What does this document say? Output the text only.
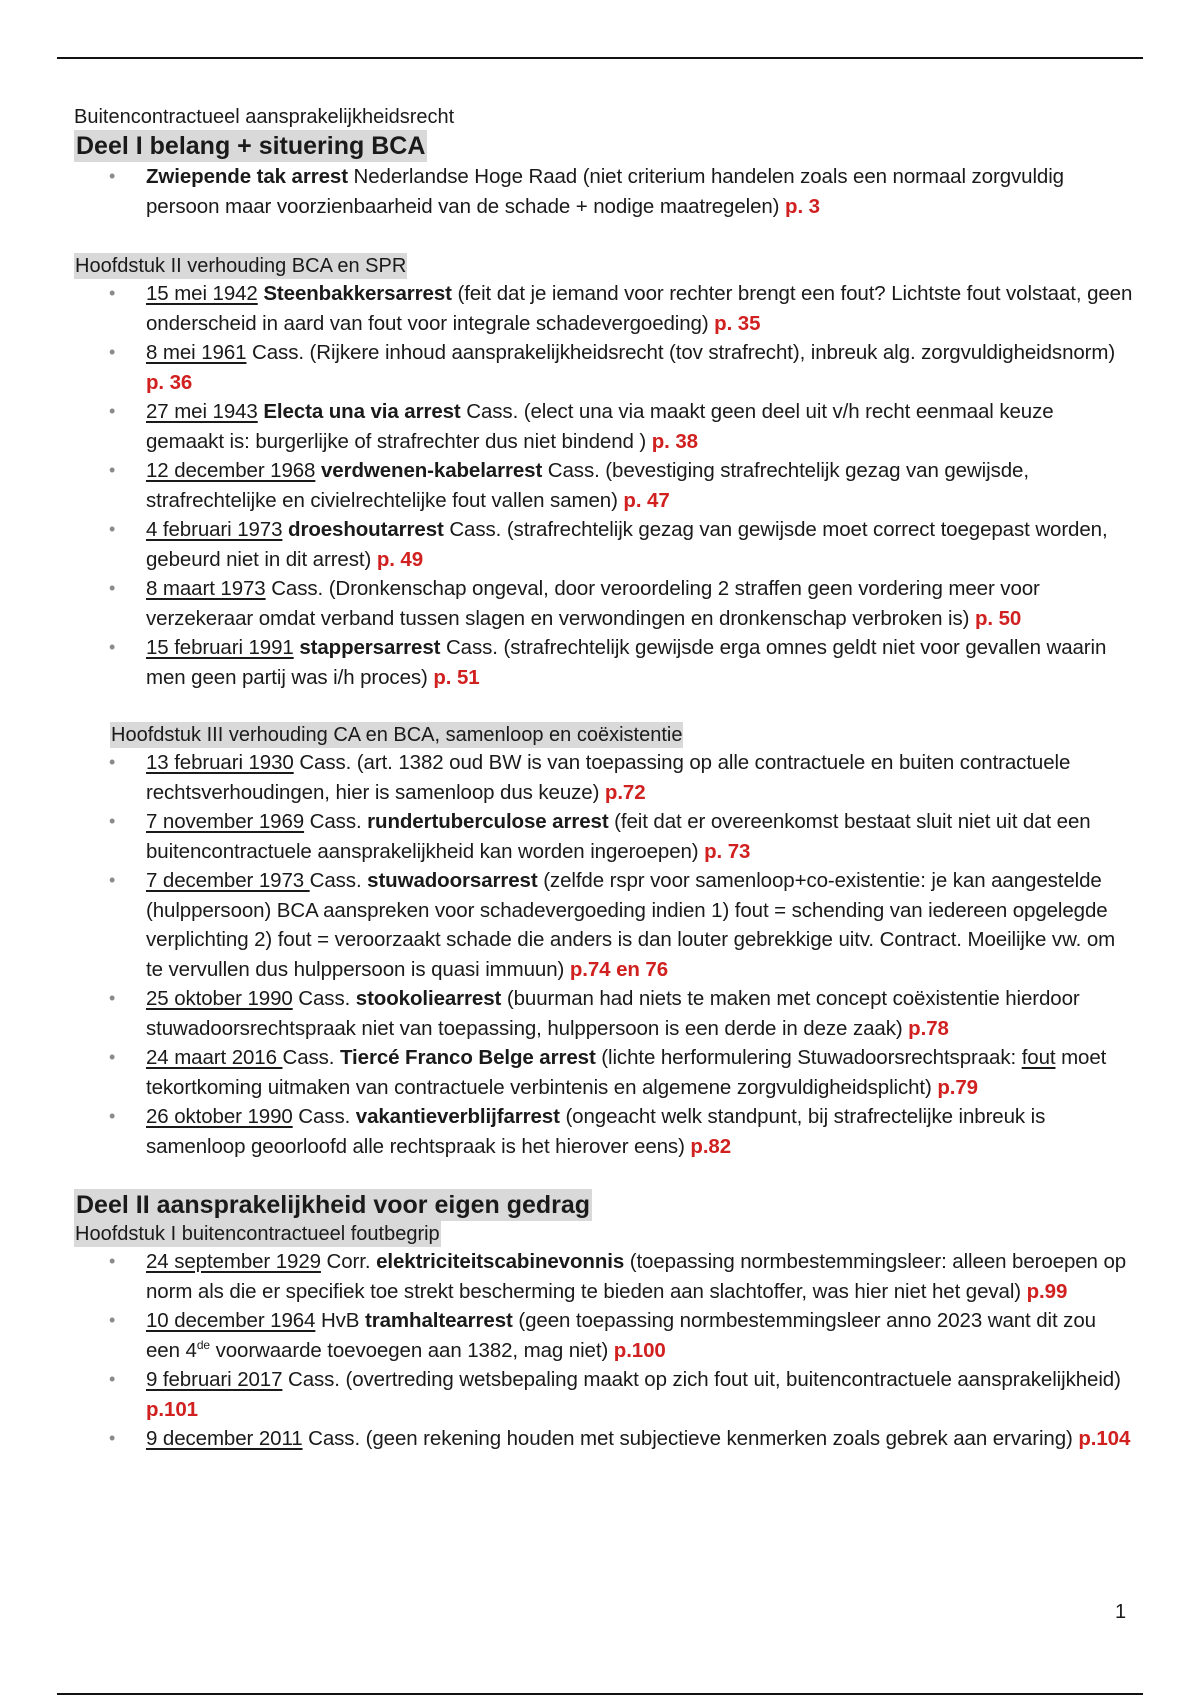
Buitencontractueel aansprakelijkheidsrecht

Deel I belang + situering BCA
• Zwiepende tak arrest Nederlandse Hoge Raad (niet criterium handelen zoals een normaal zorgvuldig persoon maar voorzienbaarheid van de schade + nodige maatregelen) p. 3

Hoofdstuk II verhouding BCA en SPR

• 15 mei 1942 Steenbakkersarrest (feit dat je iemand voor rechter brengt een fout? Lichtste fout volstaat, geen onderscheid in aard van fout voor integrale schadevergoeding) p. 35
• 8 mei 1961 Cass. (Rijkere inhoud aansprakelijkheidsrecht (tov strafrecht), inbreuk alg. zorgvuldigheidsnorm) p. 36
• 27 mei 1943 Electa una via arrest Cass. (elect una via maakt geen deel uit v/h recht eenmaal keuze gemaakt is: burgerlijke of strafrechter dus niet bindend ) p. 38
• 12 december 1968 verdwenen-kabelarrest Cass. (bevestiging strafrechtelijk gezag van gewijsde, strafrechtelijke en civielrechtelijke fout vallen samen) p. 47
• 4 februari 1973 droeshoutarrest Cass. (strafrechtelijk gezag van gewijsde moet correct toegepast worden, gebeurd niet in dit arrest) p. 49
• 8 maart 1973 Cass. (Dronkenschap ongeval, door veroordeling 2 straffen geen vordering meer voor verzekeraar omdat verband tussen slagen en verwondingen en dronkenschap verbroken is) p. 50
• 15 februari 1991 stappersarrest Cass. (strafrechtelijk gewijsde erga omnes geldt niet voor gevallen waarin men geen partij was i/h proces) p. 51

Hoofdstuk III verhouding CA en BCA, samenloop en coëxistentie

• 13 februari 1930 Cass. (art. 1382 oud BW is van toepassing op alle contractuele en buiten contractuele rechtsverhoudingen, hier is samenloop dus keuze) p.72
• 7 november 1969 Cass. rundertuberculose arrest (feit dat er overeenkomst bestaat sluit niet uit dat een buitencontractuele aansprakelijkheid kan worden ingeroepen) p. 73
• 7 december 1973 Cass. stuwadoorsarrest (zelfde rspr voor samenloop+co-existentie: je kan aangestelde (hulppersoon) BCA aanspreken voor schadevergoeding indien 1) fout = schending van iedereen opgelegde verplichting 2) fout = veroorzaakt schade die anders is dan louter gebrekkige uitv. Contract. Moeilijke vw. om te vervullen dus hulppersoon is quasi immuun) p.74 en 76
• 25 oktober 1990 Cass. stookoliearrest (buurman had niets te maken met concept coëxistentie hierdoor stuwadoorsrechtspraak niet van toepassing, hulppersoon is een derde in deze zaak) p.78
• 24 maart 2016 Cass. Tiercé Franco Belge arrest (lichte herformulering Stuwadoorsrechtspraak: fout moet tekortkoming uitmaken van contractuele verbintenis en algemene zorgvuldigheidsplicht) p.79
• 26 oktober 1990 Cass. vakantieverblijfarrest (ongeacht welk standpunt, bij strafrectelijke inbreuk is samenloop geoorloofd alle rechtspraak is het hierover eens) p.82
Deel II aansprakelijkheid voor eigen gedrag

Hoofdstuk I buitencontractueel foutbegrip

• 24 september 1929 Corr. elektriciteitscabinevonnis (toepassing normbestemmingsleer: alleen beroepen op norm als die er specifiek toe strekt bescherming te bieden aan slachtoffer, was hier niet het geval) p.99
• 10 december 1964 HvB tramhaltearrest (geen toepassing normbestemmingsleer anno 2023 want dit zou een 4de voorwaarde toevoegen aan 1382, mag niet) p.100
• 9 februari 2017 Cass. (overtreding wetsbepaling maakt op zich fout uit, buitencontractuele aansprakelijkheid) p.101
• 9 december 2011 Cass. (geen rekening houden met subjectieve kenmerken zoals gebrek aan ervaring) p.104
1
